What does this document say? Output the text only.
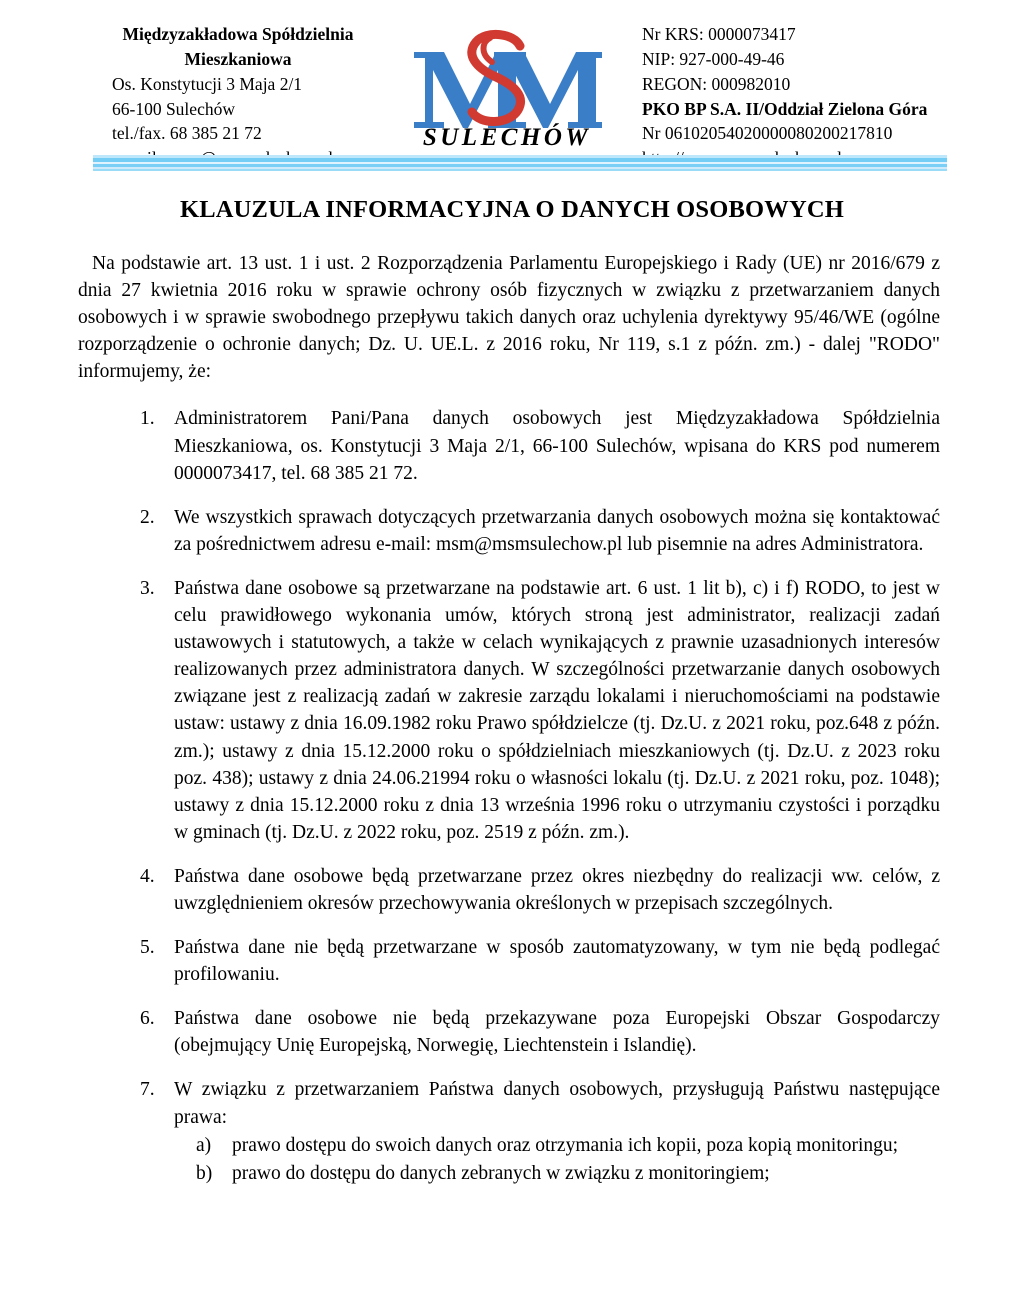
Międzyzakładowa Spółdzielnia
Mieszkaniowa
Os. Konstytucji 3 Maja 2/1
66-100 Sulechów
tel./fax. 68 385 21 72	SULECHÓW
Nr KRS: 0000073417
NIP: 927-000-49-46
REGON: 000982010
PKO BP S.A. II/Oddział Zielona Góra
Nr 06102054020000080200217810
KLAUZULA INFORMACYJNA O DANYCH OSOBOWYCH

Na podstawie art. 13 ust. 1 i ust. 2 Rozporządzenia Parlamentu Europejskiego i Rady (UE) nr 2016/679 z dnia 27 kwietnia 2016 roku w sprawie ochrony osób fizycznych w związku z przetwarzaniem danych osobowych i w sprawie swobodnego przepływu takich danych oraz uchylenia dyrektywy 95/46/WE (ogólne rozporządzenie o ochronie danych; Dz. U. UE.L. z 2016 roku, Nr 119, s.1 z późn. zm.) - dalej "RODO" informujemy, że:

1. Administratorem Pani/Pana danych osobowych jest Międzyzakładowa Spółdzielnia Mieszkaniowa, os. Konstytucji 3 Maja 2/1, 66-100 Sulechów, wpisana do KRS pod numerem 0000073417, tel. 68 385 21 72.
2. We wszystkich sprawach dotyczących przetwarzania danych osobowych można się kontaktować za pośrednictwem adresu e-mail: msm@msmsulechow.pl lub pisemnie na adres Administratora.
3. Państwa dane osobowe są przetwarzane na podstawie art. 6 ust. 1 lit b), c) i f) RODO, to jest w celu prawidłowego wykonania umów, których stroną jest administrator, realizacji zadań ustawowych i statutowych, a także w celach wynikających z prawnie uzasadnionych interesów realizowanych przez administratora danych. W szczególności przetwarzanie danych osobowych związane jest z realizacją zadań w zakresie zarządu lokalami i nieruchomościami na podstawie ustaw: ustawy z dnia 16.09.1982 roku Prawo spółdzielcze (tj. Dz.U. z 2021 roku, poz.648 z późn. zm.); ustawy z dnia 15.12.2000 roku o spółdzielniach mieszkaniowych (tj. Dz.U. z 2023 roku poz. 438); ustawy z dnia 24.06.21994 roku o własności lokalu (tj. Dz.U. z 2021 roku, poz. 1048); ustawy z dnia 15.12.2000 roku z dnia 13 września 1996 roku o utrzymaniu czystości i porządku w gminach (tj. Dz.U. z 2022 roku, poz. 2519 z późn. zm.).
4. Państwa dane osobowe będą przetwarzane przez okres niezbędny do realizacji ww. celów, z uwzględnieniem okresów przechowywania określonych w przepisach szczególnych.
5. Państwa dane nie będą przetwarzane w sposób zautomatyzowany, w tym nie będą podlegać profilowaniu.
6. Państwa dane osobowe nie będą przekazywane poza Europejski Obszar Gospodarczy (obejmujący Unię Europejską, Norwegię, Liechtenstein i Islandię).
7. W związku z przetwarzaniem Państwa danych osobowych, przysługują Państwu następujące prawa:
a)	prawo dostępu do swoich danych oraz otrzymania ich kopii, poza kopią monitoringu;
b)	prawo do dostępu do danych zebranych w związku z monitoringiem;
